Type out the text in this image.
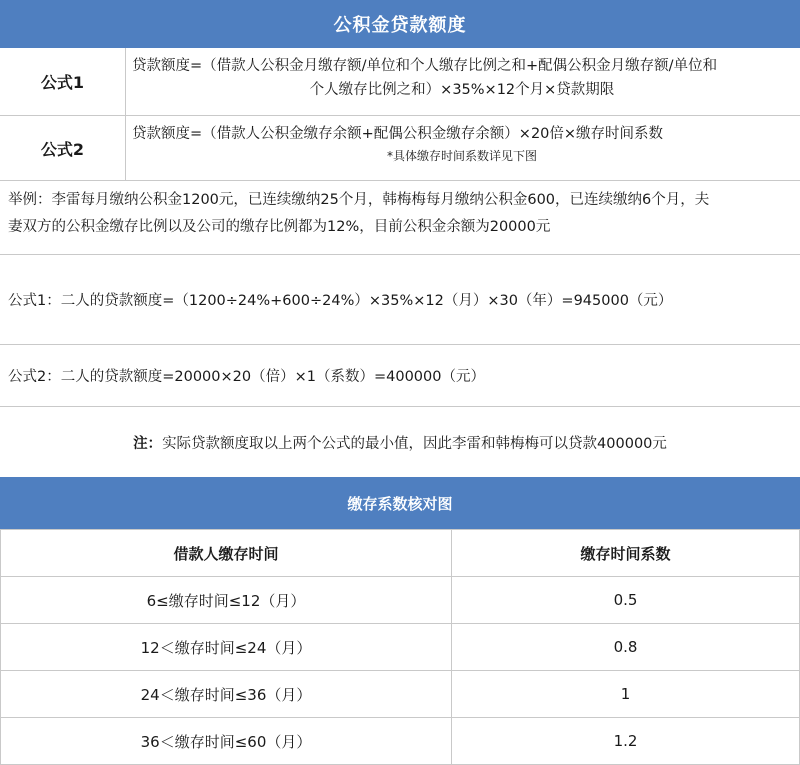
公积金贷款额度
公式1
贷款额度=（借款人公积金月缴存额/单位和个人缴存比例之和+配偶公积金月缴存额/单位和
个人缴存比例之和）×35%×12个月×贷款期限
公式2
贷款额度=（借款人公积金缴存余额+配偶公积金缴存余额）×20倍×缴存时间系数
*具体缴存时间系数详见下图
举例：李雷每月缴纳公积金1200元，已连续缴纳25个月，韩梅梅每月缴纳公积金600，已连续缴纳6个月，夫
妻双方的公积金缴存比例以及公司的缴存比例都为12%，目前公积金余额为20000元
公式1：二人的贷款额度=（1200÷24%+600÷24%）×35%×12（月）×30（年）=945000（元）
公式2：二人的贷款额度=20000×20（倍）×1（系数）=400000（元）
注： 实际贷款额度取以上两个公式的最小值，因此李雷和韩梅梅可以贷款400000元
缴存系数核对图
借款人缴存时间	缴存时间系数
6≤缴存时间≤12（月）	0.5
12＜缴存时间≤24（月）	0.8
24＜缴存时间≤36（月）	1
36＜缴存时间≤60（月）	1.2
